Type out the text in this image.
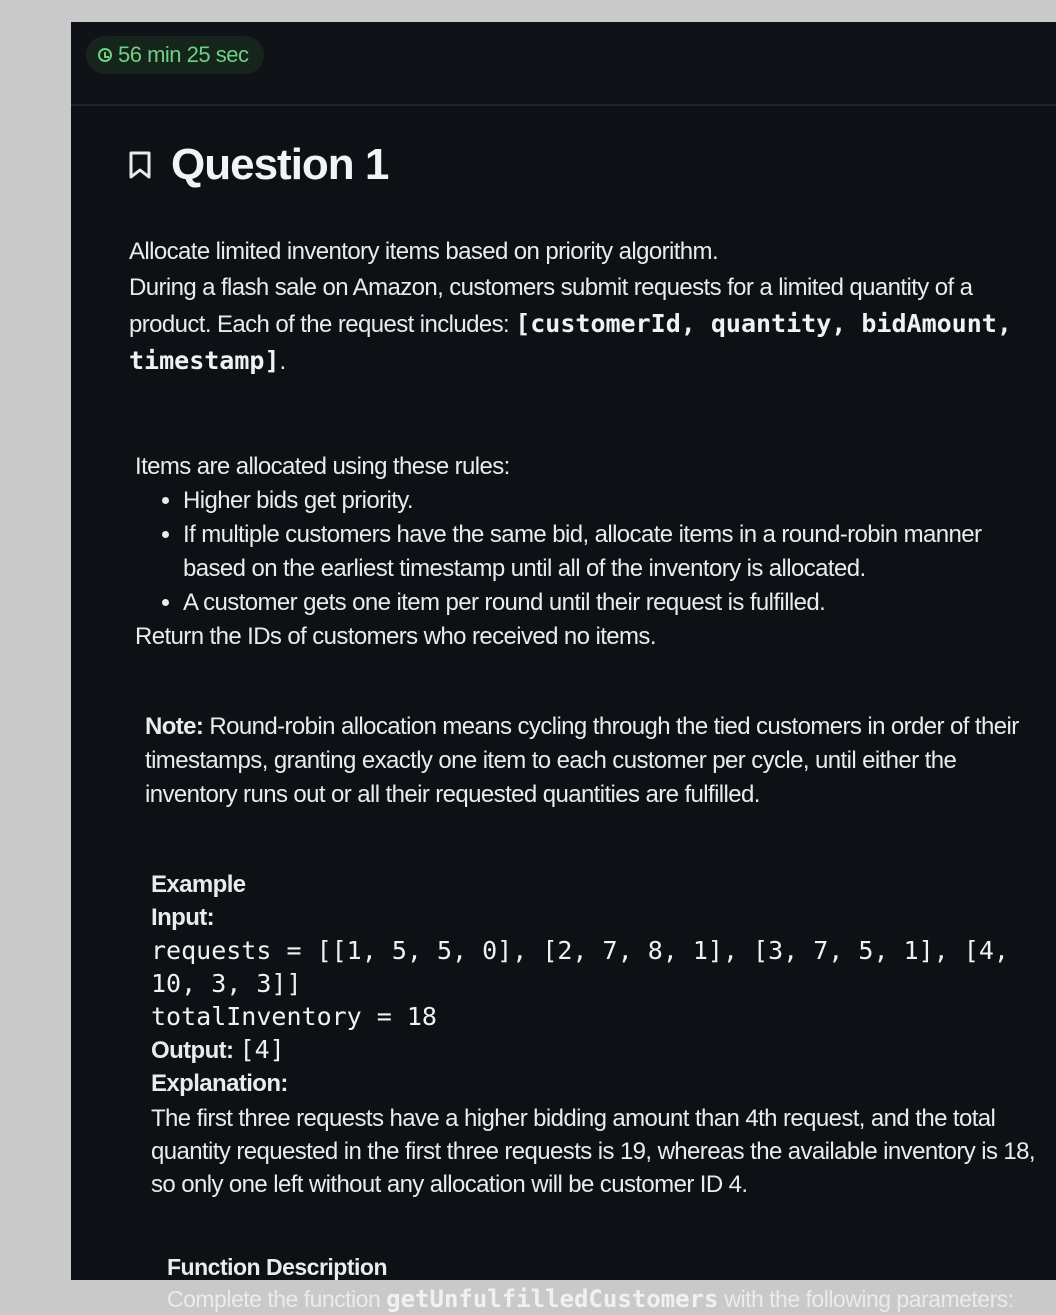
56 min 25 sec
Question 1

Allocate limited inventory items based on priority algorithm.

During a flash sale on Amazon, customers submit requests for a limited quantity of a product. Each of the request includes: [customerId, quantity, bidAmount, timestamp].

Items are allocated using these rules:

• Higher bids get priority.
• If multiple customers have the same bid, allocate items in a round-robin manner based on the earliest timestamp until all of the inventory is allocated.
• A customer gets one item per round until their request is fulfilled.

Return the IDs of customers who received no items.

Note: Round-robin allocation means cycling through the tied customers in order of their timestamps, granting exactly one item to each customer per cycle, until either the inventory runs out or all their requested quantities are fulfilled.

Example

Input:

requests = [[1, 5, 5, 0], [2, 7, 8, 1], [3, 7, 5, 1], [4, 10, 3, 3]]

totalInventory = 18

Output: [4]

Explanation:

The first three requests have a higher bidding amount than 4th request, and the total quantity requested in the first three requests is 19, whereas the available inventory is 18, so only one left without any allocation will be customer ID 4.

Function Description

Complete the function getUnfulfilledCustomers with the following parameters:
